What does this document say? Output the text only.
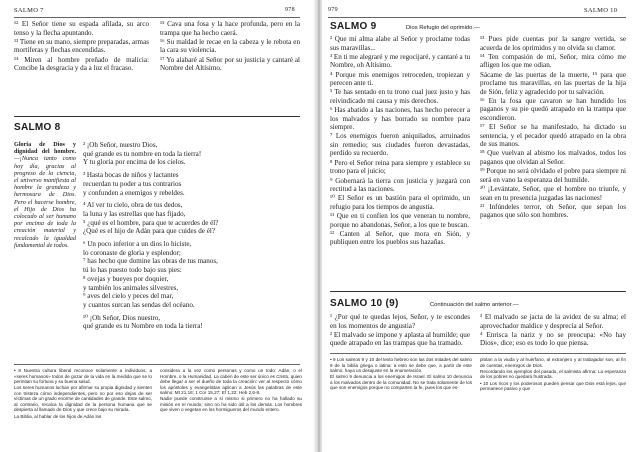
SALMO 7	978

¹² El Señor tiene su espada afilada, su arco tenso y la flecha apuntando.

¹³ Tiene en su mano, siempre preparadas, armas mortíferas y flechas encendidas.

¹⁴ Miren al hombre preñado de malicia: Concibe la desgracia y da a luz el fracaso.

¹⁵ Cava una fosa y la hace profunda, pero en la trampa que ha hecho caerá.

¹⁶ Su maldad le recae en la cabeza y le rebota en la cara su violencia.

¹⁷ Yo alabaré al Señor por su justicia y cantaré al Nombre del Altísimo.

SALMO 8
Gloria de Dios y dignidad del hombre. —¡Nunca tanto como hoy día, gracias al progreso de la ciencia, el universo manifiesta al hombre la grandeza y hermosura de Dios. Pero el hacerse hombre, el Hijo de Dios ha colocado al ser humano por encima de toda la creación material y recalcado la igualdad fundamental de todos.
² ¡Oh Señor, nuestro Dios,
qué grande es tu nombre en toda la tierra!
Y tu gloria por encima de los cielos.
³ Hasta bocas de niños y lactantes
recuerdan tu poder a tus contrarios
y confunden a enemigos y rebeldes.
⁴ Al ver tu cielo, obra de tus dedos,
la luna y las estrellas que has fijado,
⁵ ¿qué es el hombre, para que te acuerdes de él?
¿Qué es el hijo de Adán para que cuides de él?
⁶ Un poco inferior a un dios lo hiciste,
lo coronaste de gloria y esplendor;
⁷ has hecho que domine las obras de tus manos,
tú lo has puesto todo bajo sus pies:
⁸ ovejas y bueyes por doquier,
y también los animales silvestres,
⁹ aves del cielo y peces del mar,
y cuantos surcan las sendas del océano.
¹⁰ ¡Oh Señor, Dios nuestro,
qué grande es tu Nombre en toda la tierra!

• 8 Nuestra cultura liberal reconoce solamente a individuos, a «seres humanos» todos de gozar de la vida en la medida que se lo permitan su fortuna y su buena salud.

Los seres humanos luchan por afirmar su propia dignidad y sienten con tristeza cómo independientes, pero no por eso dejan de ser víctimas de un grado enorme de cantidades de grande. Este salmo, al contrario, recalca la dignidad de la persona humana que se despierta al llamado de Dios y que crece bajo su mirada.

La Biblia, al hablar de los hijos de Adán los

considera a la vez como personas y como un todo: Adán, o el Hombre, o la Humanidad. La caben de este ser único es Cristo, quien debe llegar a ser el dueño de toda la creación: ver al respecto cómo los apóstoles y evangelistas aplican a Jesús las palabras de este salmo: Mt 21,16; 1 Cor 15,27; Ef 1,22; Heb 2,6-8.

Nadie puede construirse a sí mismo si primero no ha hallado su misión en el mundo; sino no ha sido útil a los demás. Los hombres que viven o vegetan en los hormigueros del mundo entero.

979	SALMO 10
SALMO 9	Dios Refugio del oprimido.—

² Que mi alma alabe al Señor y proclame todas sus maravillas...

³ En ti me alegraré y me regocijaré, y cantaré a tu Nombre, oh Altísimo.

⁴ Porque mis enemigos retroceden, tropiezan y perecen ante ti.

⁵ Te has sentado en tu trono cual juez justo y has reivindicado mi causa y mis derechos.

⁶ Has abatido a las naciones, has hecho perecer a los malvados y has borrado su nombre para siempre.

⁷ Los enemigos fueron aniquilados, arruinados sin remedio; sus ciudades fueron devastadas, perdido su recuerdo.

⁸ Pero el Señor reina para siempre y establece su trono para el juicio;

⁹ Gobernará la tierra con justicia y juzgará con rectitud a las naciones.

¹⁰ El Señor es un bastión para el oprimido, un refugio para los tiempos de angustia.

¹¹ Que en ti confíen los que veneran tu nombre, porque no abandonas, Señor, a los que te buscan.

¹² Canten al Señor, que mora en Sión, y publiquen entre los pueblos sus hazañas.

¹³ Pues pide cuentas por la sangre vertida, se acuerda de los oprimidos y no olvida su clamor.

¹⁴ Ten compasión de mí, Señor, mira cómo me afligen los que me odian.

Sácame de las puertas de la muerte, ¹⁵ para que proclame tus maravillas, en las puertas de la hija de Sión, feliz y agradecido por tu salvación.

¹⁶ En la fosa que cavaron se han hundido los paganos y su pie quedó atrapado en la trampa que escondieron.

¹⁷ El Señor se ha manifestado, ha dictado su sentencia, y el pecador quedó atrapado en la obra de sus manos.

¹⁸ Que vuelvan al abismo los malvados, todos los paganos que olvidan al Señor.

¹⁹ Porque no será olvidado el pobre para siempre ni será en vano la esperanza del humilde.

²⁰ ¡Levántate, Señor, que el hombre no triunfe, y sean en tu presencia juzgadas las naciones!

²¹ Infúndeles terror, oh Señor, que sepan los paganos que sólo son hombres.

SALMO 10 (9)	Continuación del salmo anterior.—

¹ ¿Por qué te quedas lejos, Señor, y te escondes en los momentos de angustia?

² El malvado se impone y aplasta al humilde; que quede atrapado en las trampas que ha tramado.

³ El malvado se jacta de la avidez de su alma; el aprovechador maldice y desprecia al Señor.

⁴ Enrisca la nariz y no se preocupa: «No hay Dios», dice; eso es todo lo que piensa.

• 9 Los salmos 9 y 10 del texto hebreo son las dos mitades del salmo 9 de la biblia griega o latina: a esto se debe que, a partir de este salmo, haya un desajuste en la enumeración.

El salmo 9 denuncia a los enemigos de Israel. El salmo 10 denuncia a los malvados dentro de la comunidad. No se trata solamente de los que son enemigos porque no comparten la fe, pues los que es-

plotan a la viuda y al huérfano, al extranjero y al trabajador son, al fin de cuentas, enemigos de Dios.

Recordando los ejemplos del pasado, el salmista afirma: La esperanza de los pobres no quedará frustrada.

• 10 Los ricos y los poderosos pueden pensar que Dios está lejos, que permanece pasivo y que
